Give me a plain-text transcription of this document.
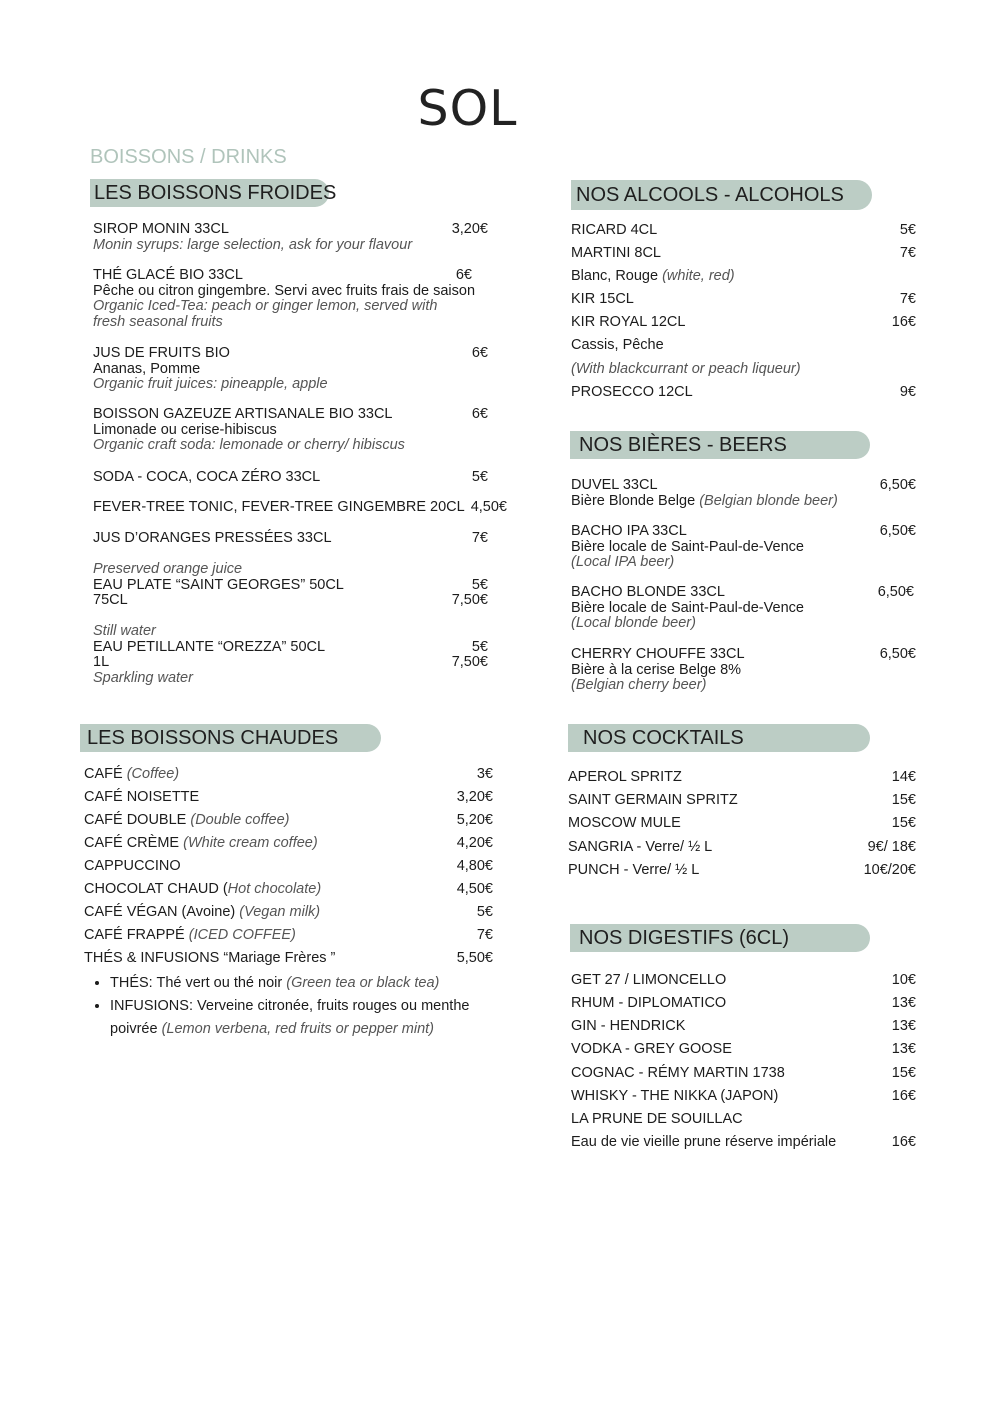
SOL
BOISSONS / DRINKS
LES BOISSONS FROIDES
SIROP MONIN 33CL	3,20€
Monin syrups: large selection, ask for your flavour
THÉ GLACÉ BIO 33CL	6€
Pêche ou citron gingembre. Servi avec fruits frais de saison
Organic Iced-Tea: peach or ginger lemon, served with fresh seasonal fruits
JUS DE FRUITS BIO	6€
Ananas, Pomme
Organic fruit juices: pineapple, apple
BOISSON GAZEUZE ARTISANALE BIO 33CL	6€
Limonade ou cerise-hibiscus
Organic craft soda: lemonade or cherry/ hibiscus
SODA - COCA, COCA ZÉRO 33CL	5€
FEVER-TREE TONIC, FEVER-TREE GINGEMBRE 20CL 4,50€
JUS D’ORANGES PRESSÉES 33CL	7€
Preserved orange juice
EAU PLATE “SAINT GEORGES” 50CL	5€
75CL	7,50€
Still water
EAU PETILLANTE “OREZZA” 50CL	5€
1L	7,50€
Sparkling water
LES BOISSONS CHAUDES
CAFÉ (Coffee)	3€
CAFÉ NOISETTE	3,20€
CAFÉ DOUBLE (Double coffee)	5,20€
CAFÉ CRÈME (White cream coffee)	4,20€
CAPPUCCINO	4,80€
CHOCOLAT CHAUD (Hot chocolate)	4,50€
CAFÉ VÉGAN (Avoine) (Vegan milk)	5€
CAFÉ FRAPPÉ (ICED COFFEE)	7€
THÉS & INFUSIONS “Mariage Frères ”	5,50€
• THÉS: Thé vert ou thé noir (Green tea or black tea)
• INFUSIONS: Verveine citronée, fruits rouges ou menthe poivrée (Lemon verbena, red fruits or pepper mint)
NOS ALCOOLS - ALCOHOLS
RICARD 4CL	5€
MARTINI 8CL	7€
Blanc, Rouge (white, red)
KIR 15CL	7€
KIR ROYAL 12CL	16€
Cassis, Pêche
(With blackcurrant or peach liqueur)
PROSECCO 12CL	9€
NOS BIÈRES - BEERS
DUVEL 33CL	6,50€
Bière Blonde Belge (Belgian blonde beer)
BACHO IPA 33CL	6,50€
Bière locale de Saint-Paul-de-Vence
(Local IPA beer)
BACHO BLONDE 33CL	6,50€
Bière locale de Saint-Paul-de-Vence
(Local blonde beer)
CHERRY CHOUFFE 33CL	6,50€
Bière à la cerise Belge 8%
(Belgian cherry beer)
NOS COCKTAILS
APEROL SPRITZ	14€
SAINT GERMAIN SPRITZ	15€
MOSCOW MULE	15€
SANGRIA - Verre/ ½ L	9€/ 18€
PUNCH - Verre/ ½ L	10€/20€
NOS DIGESTIFS (6CL)
GET 27 / LIMONCELLO	10€
RHUM - DIPLOMATICO	13€
GIN - HENDRICK	13€
VODKA - GREY GOOSE	13€
COGNAC - RÉMY MARTIN 1738	15€
WHISKY - THE NIKKA (JAPON)	16€
LA PRUNE DE SOUILLAC
Eau de vie vieille prune réserve impériale	16€
